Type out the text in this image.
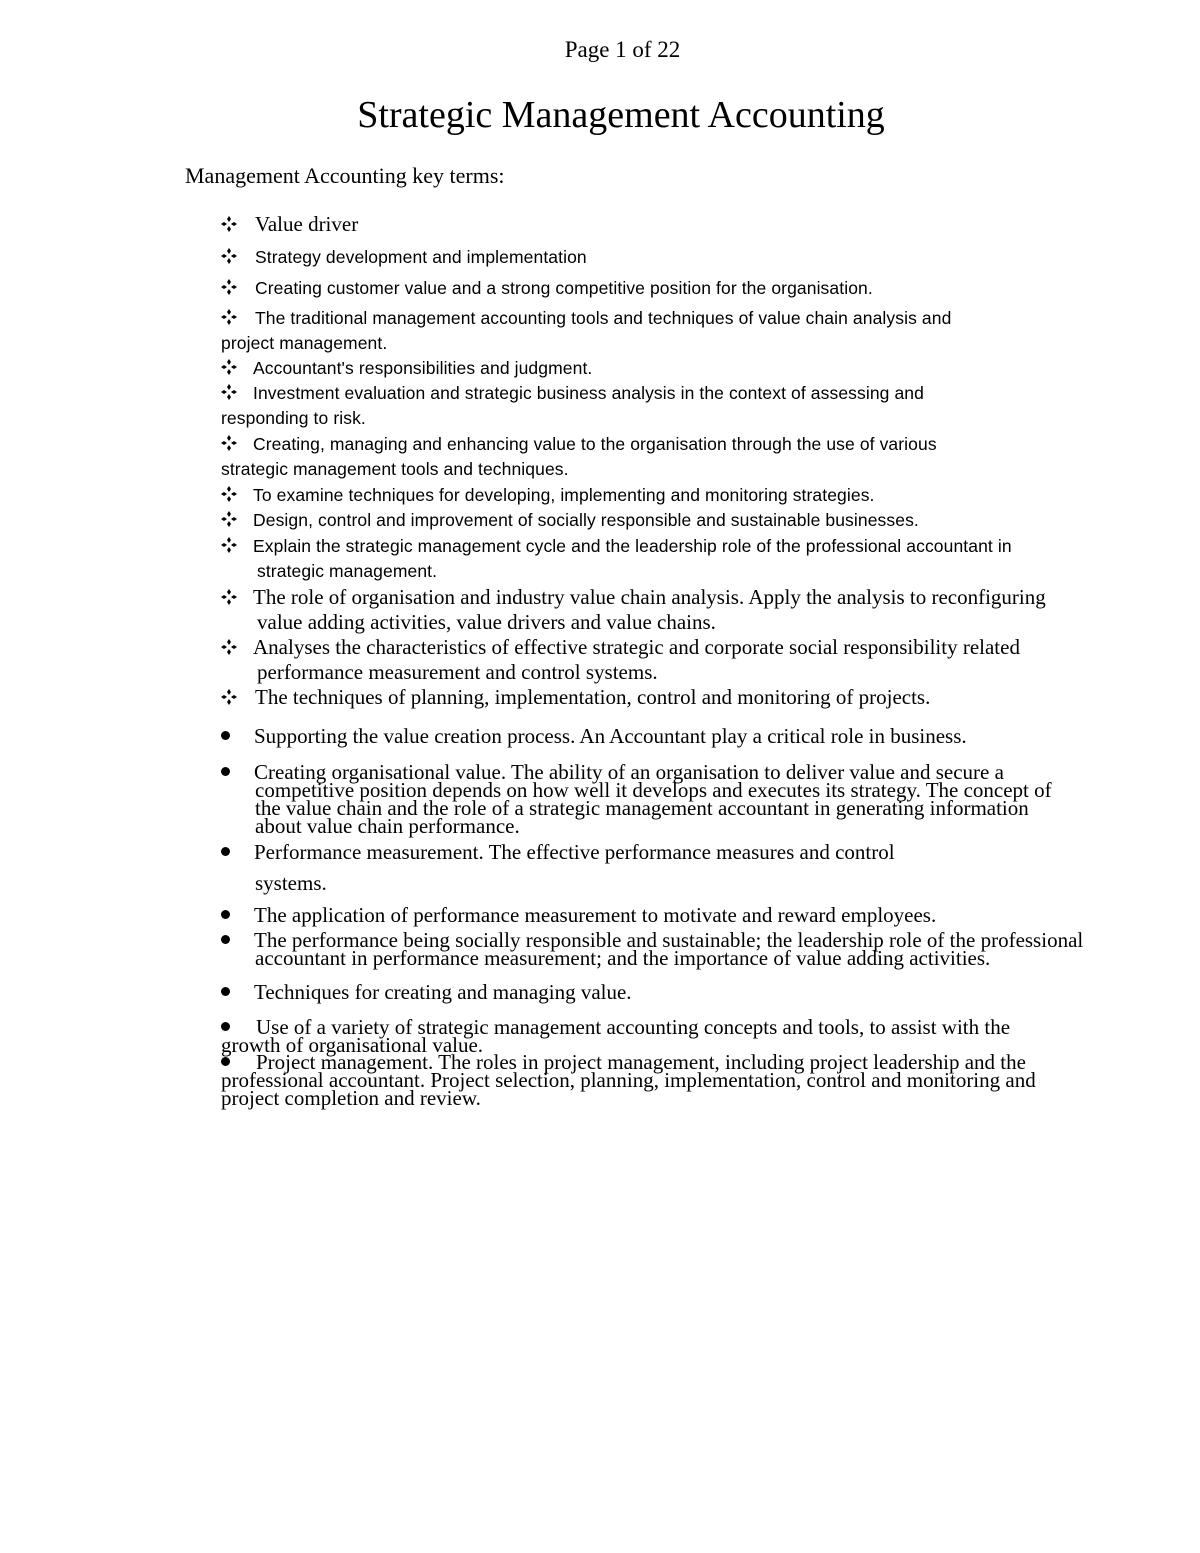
Page 1 of 22
Strategic Management Accounting
Management Accounting key terms:
Value driver
Strategy development and implementation
Creating customer value and a strong competitive position for the organisation.
The traditional management accounting tools and techniques of value chain analysis and
project management.
Accountant's responsibilities and judgment.
Investment evaluation and strategic business analysis in the context of assessing and
responding to risk.
Creating, managing and enhancing value to the organisation through the use of various
strategic management tools and techniques.
To examine techniques for developing, implementing and monitoring strategies.
Design, control and improvement of socially responsible and sustainable businesses.
Explain the strategic management cycle and the leadership role of the professional accountant in strategic management.
The role of organisation and industry value chain analysis. Apply the analysis to reconfiguring value adding activities, value drivers and value chains.
Analyses the characteristics of effective strategic and corporate social responsibility related performance measurement and control systems.
The techniques of planning, implementation, control and monitoring of projects.
Supporting the value creation process. An Accountant play a critical role in business.
Creating organisational value. The ability of an organisation to deliver value and secure a competitive position depends on how well it develops and executes its strategy. The concept of the value chain and the role of a strategic management accountant in generating information about value chain performance.
Performance measurement. The effective performance measures and control
systems.
The application of performance measurement to motivate and reward employees.
The performance being socially responsible and sustainable; the leadership role of the professional accountant in performance measurement; and the importance of value adding activities.
Techniques for creating and managing value.
Use of a variety of strategic management accounting concepts and tools, to assist with the growth of organisational value.
Project management. The roles in project management, including project leadership and the professional accountant. Project selection, planning, implementation, control and monitoring and project completion and review.
